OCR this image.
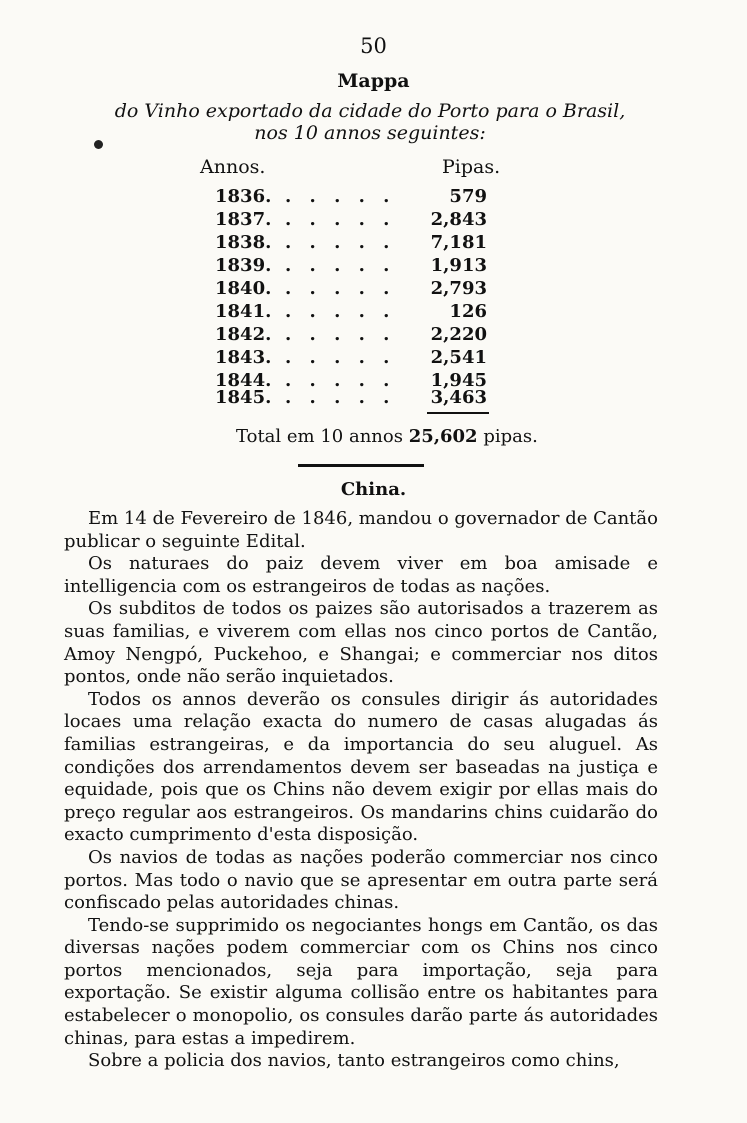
50
Mappa
do Vinho exportado da cidade do Porto para o Brasil,
nos 10 annos seguintes:
Annos.	Pipas.
1836. . . . . .	579
1837. . . . . . 2,843
1838. . . . . . 7,181
1839. . . . . . 1,913
1840. . . . . . 2,793
1841. . . . . .	126
1842. . . . . . 2,220
1843. . . . . . 2,541
1844. . . . . . 1,945
1845. . . . . . 3,463
Total em 10 annos 25,602 pipas.
China.

Em 14 de Fevereiro de 1846, mandou o governador de Cantão publicar o seguinte Edital.

Os naturaes do paiz devem viver em boa amisade e intelligencia com os estrangeiros de todas as nações.

Os subditos de todos os paizes são autorisados a trazerem as suas familias, e viverem com ellas nos cinco portos de Cantão, Amoy Nengpó, Puckehoo, e Shangai; e commerciar nos ditos pontos, onde não serão inquietados.

Todos os annos deverão os consules dirigir ás autoridades locaes uma relação exacta do numero de casas alugadas ás familias estrangeiras, e da importancia do seu aluguel. As condições dos arrendamentos devem ser baseadas na justiça e equidade, pois que os Chins não devem exigir por ellas mais do preço regular aos estrangeiros. Os mandarins chins cuidarão do exacto cumprimento d'esta disposição.

Os navios de todas as nações poderão commerciar nos cinco portos. Mas todo o navio que se apresentar em outra parte será confiscado pelas autoridades chinas.

Tendo-se supprimido os negociantes hongs em Cantão, os das diversas nações podem commerciar com os Chins nos cinco portos mencionados, seja para importação, seja para exportação. Se existir alguma collisão entre os habitantes para estabelecer o monopolio, os consules darão parte ás autoridades chinas, para estas a impedirem.

Sobre a policia dos navios, tanto estrangeiros como chins,
